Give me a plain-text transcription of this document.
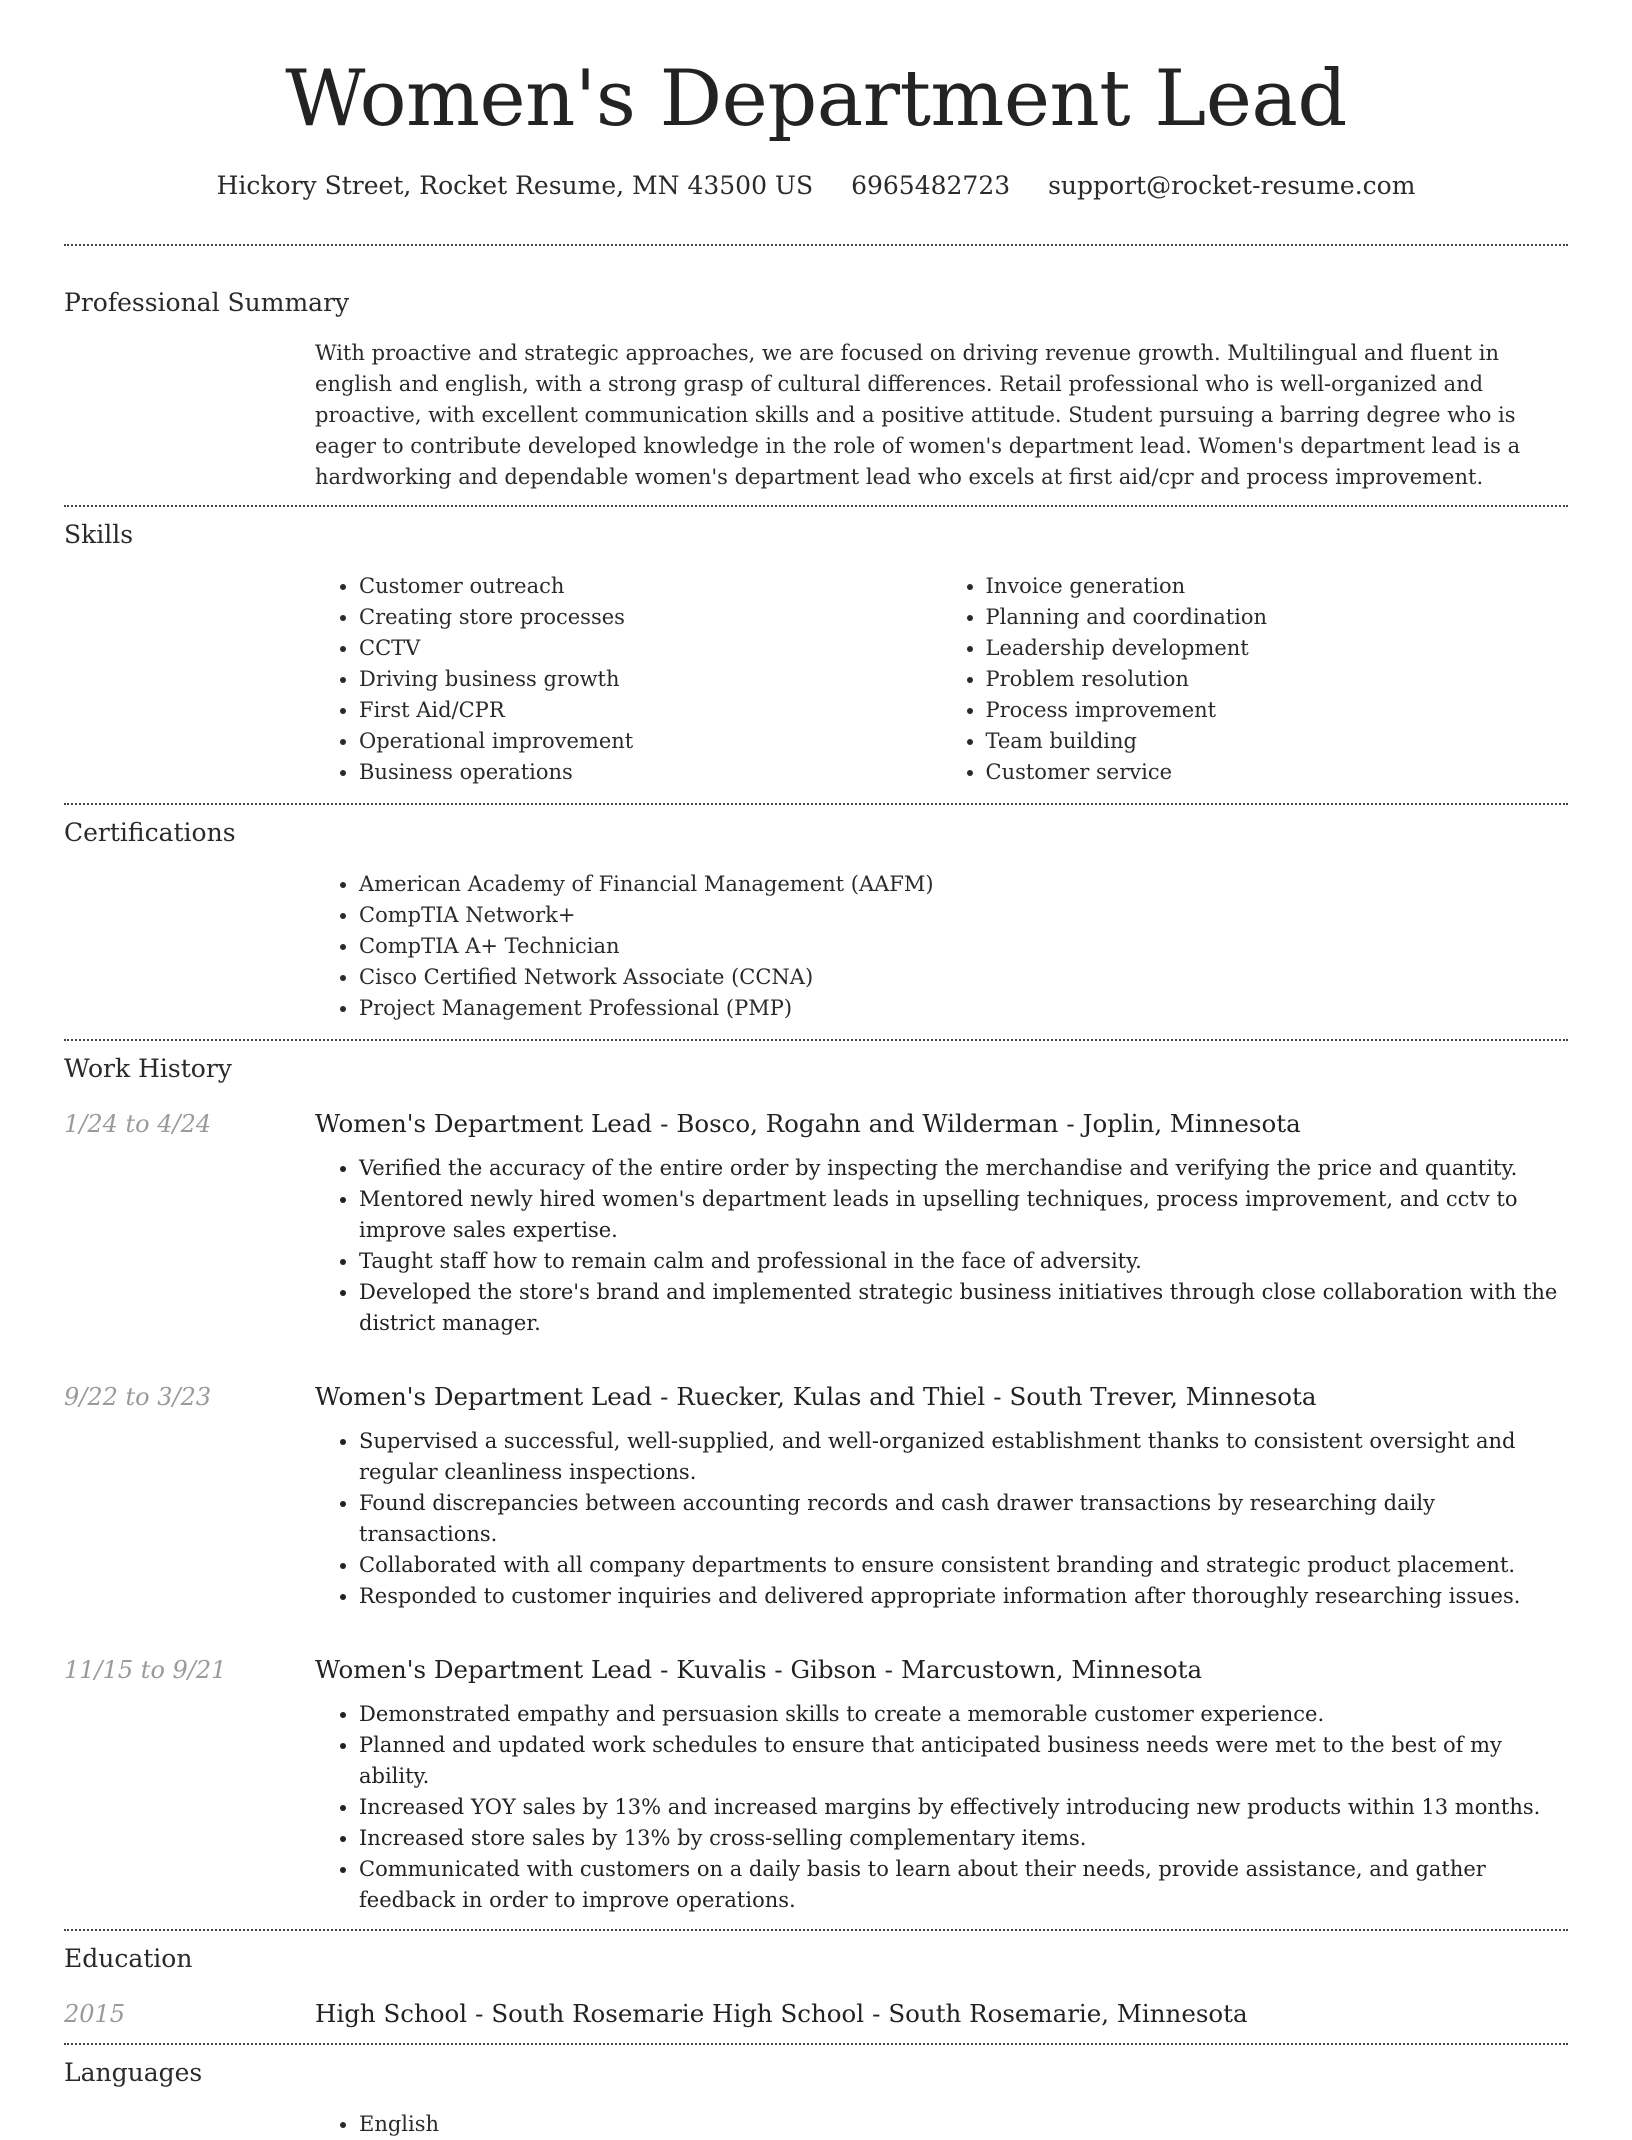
Women's Department Lead
Hickory Street, Rocket Resume, MN 43500 US 6965482723 support@rocket-resume.com
Professional Summary

With proactive and strategic approaches, we are focused on driving revenue growth. Multilingual and fluent in english and english, with a strong grasp of cultural differences. Retail professional who is well-organized and proactive, with excellent communication skills and a positive attitude. Student pursuing a barring degree who is eager to contribute developed knowledge in the role of women's department lead. Women's department lead is a hardworking and dependable women's department lead who excels at first aid/cpr and process improvement.

Skills
• Customer outreach
• Creating store processes
• CCTV
• Driving business growth
• First Aid/CPR
• Operational improvement
• Business operations
• Invoice generation
• Planning and coordination
• Leadership development
• Problem resolution
• Process improvement
• Team building
• Customer service
Certifications
• American Academy of Financial Management (AAFM)
• CompTIA Network+
• CompTIA A+ Technician
• Cisco Certified Network Associate (CCNA)
• Project Management Professional (PMP)
Work History
1/24 to 4/24	Women's Department Lead - Bosco, Rogahn and Wilderman - Joplin, Minnesota
• Verified the accuracy of the entire order by inspecting the merchandise and verifying the price and quantity.
• Mentored newly hired women's department leads in upselling techniques, process improvement, and cctv to improve sales expertise.
• Taught staff how to remain calm and professional in the face of adversity.
• Developed the store's brand and implemented strategic business initiatives through close collaboration with the district manager.
9/22 to 3/23	Women's Department Lead - Ruecker, Kulas and Thiel - South Trever, Minnesota
• Supervised a successful, well-supplied, and well-organized establishment thanks to consistent oversight and regular cleanliness inspections.
• Found discrepancies between accounting records and cash drawer transactions by researching daily transactions.
• Collaborated with all company departments to ensure consistent branding and strategic product placement.
• Responded to customer inquiries and delivered appropriate information after thoroughly researching issues.
11/15 to 9/21	Women's Department Lead - Kuvalis - Gibson - Marcustown, Minnesota
• Demonstrated empathy and persuasion skills to create a memorable customer experience.
• Planned and updated work schedules to ensure that anticipated business needs were met to the best of my ability.
• Increased YOY sales by 13% and increased margins by effectively introducing new products within 13 months.
• Increased store sales by 13% by cross-selling complementary items.
• Communicated with customers on a daily basis to learn about their needs, provide assistance, and gather feedback in order to improve operations.
Education
2015	High School - South Rosemarie High School - South Rosemarie, Minnesota
Languages
• English
